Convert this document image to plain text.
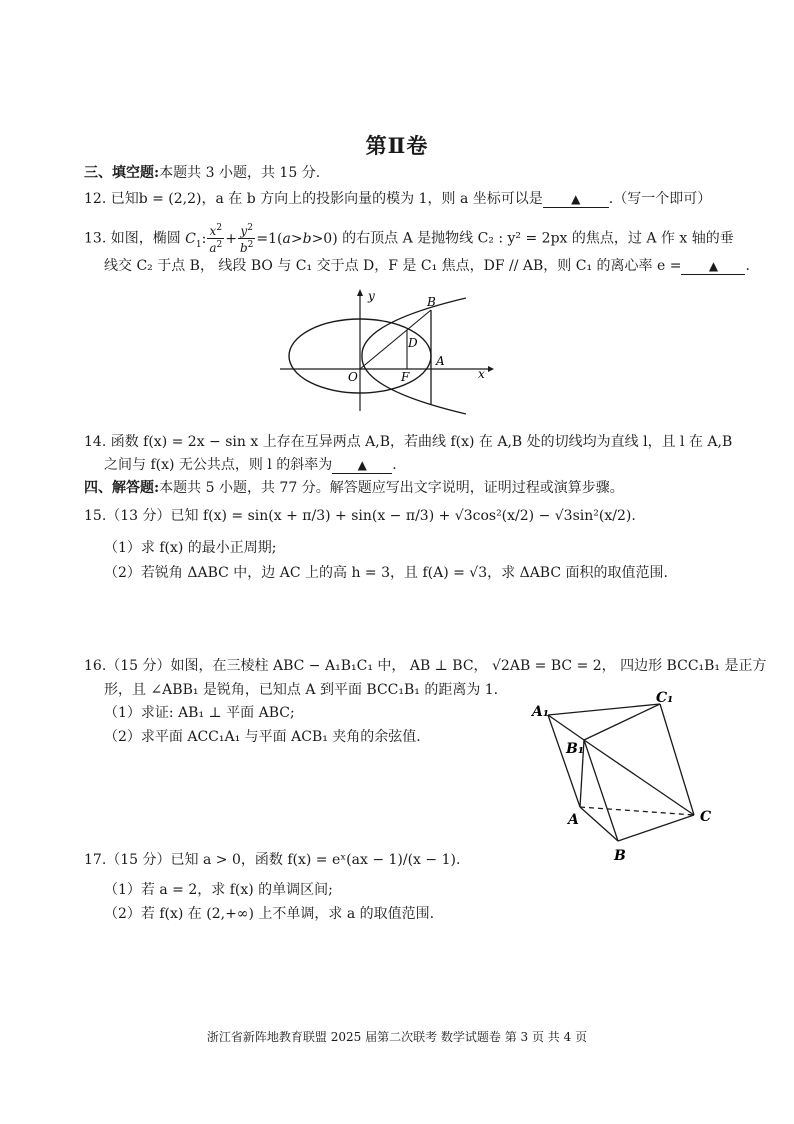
第Ⅱ卷
三、填空题:本题共 3 小题，共 15 分.
12. 已知b = (2,2)，a 在 b 方向上的投影向量的模为 1，则 a 坐标可以是 ▲ .（写一个即可）
13. 如图，椭圆 $C_1$: $\frac{x^2}{a^2} + \frac{y^2}{b^2} =1(a>b>0)$ 的右顶点 A 是抛物线 C₂ : y² = 2px 的焦点，过 A 作 x 轴的垂
线交 C₂ 于点 B， 线段 BO 与 C₁ 交于点 D，F 是 C₁ 焦点，DF // AB，则 C₁ 的离心率 e = ▲ .
y
x
O	F
A
B
D
14. 函数 f(x) = 2x − sin x 上存在互异两点 A,B，若曲线 f(x) 在 A,B 处的切线均为直线 l，且 l 在 A,B
之间与 f(x) 无公共点，则 l 的斜率为 ▲ .
四、解答题:本题共 5 小题，共 77 分。解答题应写出文字说明，证明过程或演算步骤。
15.（13 分）已知 f(x) = sin(x + π/3) + sin(x − π/3) + √3cos²(x/2) − √3sin²(x/2).
（1）求 f(x) 的最小正周期;
（2）若锐角 ΔABC 中，边 AC 上的高 h = 3，且 f(A) = √3，求 ΔABC 面积的取值范围.
16.（15 分）如图，在三棱柱 ABC − A₁B₁C₁ 中， AB ⊥ BC， √2AB = BC = 2， 四边形 BCC₁B₁ 是正方
形，且 ∠ABB₁ 是锐角，已知点 A 到平面 BCC₁B₁ 的距离为 1.
（1）求证: AB₁ ⊥ 平面 ABC;
（2）求平面 ACC₁A₁ 与平面 ACB₁ 夹角的余弦值.
A₁
C₁
B₁
A	C
B
17.（15 分）已知 a > 0，函数 f(x) = eˣ(ax − 1)/(x − 1).
（1）若 a = 2，求 f(x) 的单调区间;
（2）若 f(x) 在 (2,+∞) 上不单调，求 a 的取值范围.
浙江省新阵地教育联盟 2025 届第二次联考 数学试题卷 第 3 页 共 4 页
